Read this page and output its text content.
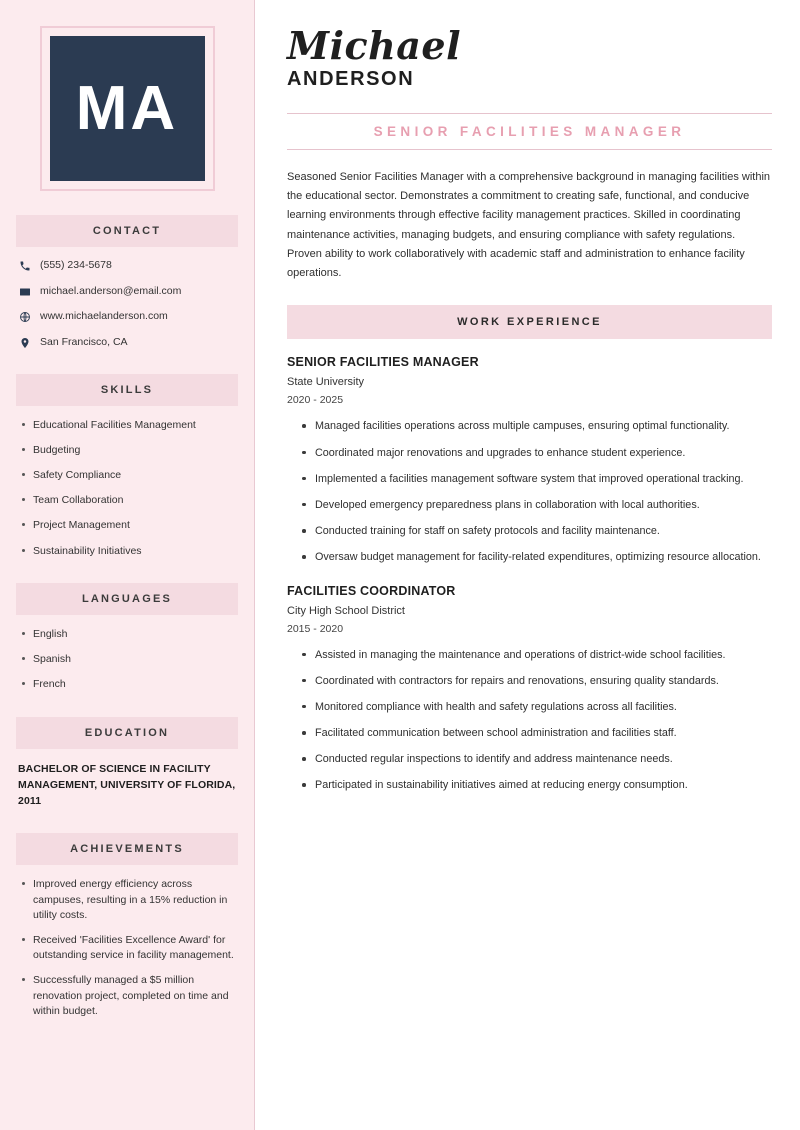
MA
CONTACT
(555) 234-5678
michael.anderson@email.com
www.michaelanderson.com
San Francisco, CA
SKILLS
Educational Facilities Management
Budgeting
Safety Compliance
Team Collaboration
Project Management
Sustainability Initiatives
LANGUAGES
English
Spanish
French
EDUCATION
BACHELOR OF SCIENCE IN FACILITY MANAGEMENT, UNIVERSITY OF FLORIDA, 2011
ACHIEVEMENTS
Improved energy efficiency across campuses, resulting in a 15% reduction in utility costs.
Received 'Facilities Excellence Award' for outstanding service in facility management.
Successfully managed a $5 million renovation project, completed on time and within budget.
Michael
ANDERSON
SENIOR FACILITIES MANAGER

Seasoned Senior Facilities Manager with a comprehensive background in managing facilities within the educational sector. Demonstrates a commitment to creating safe, functional, and conducive learning environments through effective facility management practices. Skilled in coordinating maintenance activities, managing budgets, and ensuring compliance with safety regulations. Proven ability to work collaboratively with academic staff and administration to enhance facility operations.

WORK EXPERIENCE
SENIOR FACILITIES MANAGER
State University
2020 - 2025
Managed facilities operations across multiple campuses, ensuring optimal functionality.
Coordinated major renovations and upgrades to enhance student experience.
Implemented a facilities management software system that improved operational tracking.
Developed emergency preparedness plans in collaboration with local authorities.
Conducted training for staff on safety protocols and facility maintenance.
Oversaw budget management for facility-related expenditures, optimizing resource allocation.
FACILITIES COORDINATOR
City High School District
2015 - 2020
Assisted in managing the maintenance and operations of district-wide school facilities.
Coordinated with contractors for repairs and renovations, ensuring quality standards.
Monitored compliance with health and safety regulations across all facilities.
Facilitated communication between school administration and facilities staff.
Conducted regular inspections to identify and address maintenance needs.
Participated in sustainability initiatives aimed at reducing energy consumption.
